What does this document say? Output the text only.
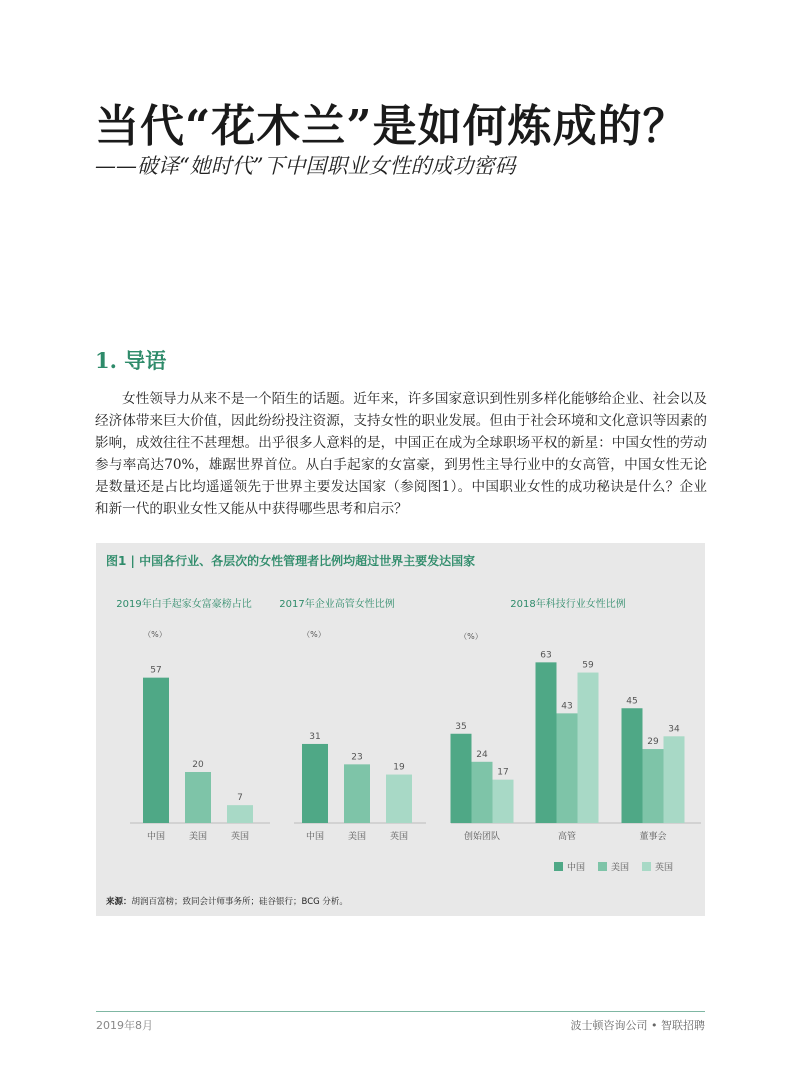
当代“花木兰”是如何炼成的？
——破译“她时代”下中国职业女性的成功密码
1. 导语
女性领导力从来不是一个陌生的话题。近年来，许多国家意识到性别多样化能够给企业、社会以及经济体带来巨大价值，因此纷纷投注资源，支持女性的职业发展。但由于社会环境和文化意识等因素的影响，成效往往不甚理想。出乎很多人意料的是，中国正在成为全球职场平权的新星：中国女性的劳动参与率高达70%，雄踞世界首位。从白手起家的女富豪，到男性主导行业中的女高管，中国女性无论是数量还是占比均遥遥领先于世界主要发达国家（参阅图1）。中国职业女性的成功秘诀是什么？企业和新一代的职业女性又能从中获得哪些思考和启示？
图1 | 中国各行业、各层次的女性管理者比例均超过世界主要发达国家
2019年白手起家女富豪榜占比
（%）
57
中国
20
美国
7
英国
2017年企业高管女性比例
（%）
31
中国
23
美国
19
英国
2018年科技行业女性比例
（%）
35
24
17
创始团队
63
43
59
高管
45
29
34
董事会
中国	美国	英国
来源：胡润百富榜；致同会计师事务所；硅谷银行；BCG 分析。
2019年8月	波士顿咨询公司 • 智联招聘
